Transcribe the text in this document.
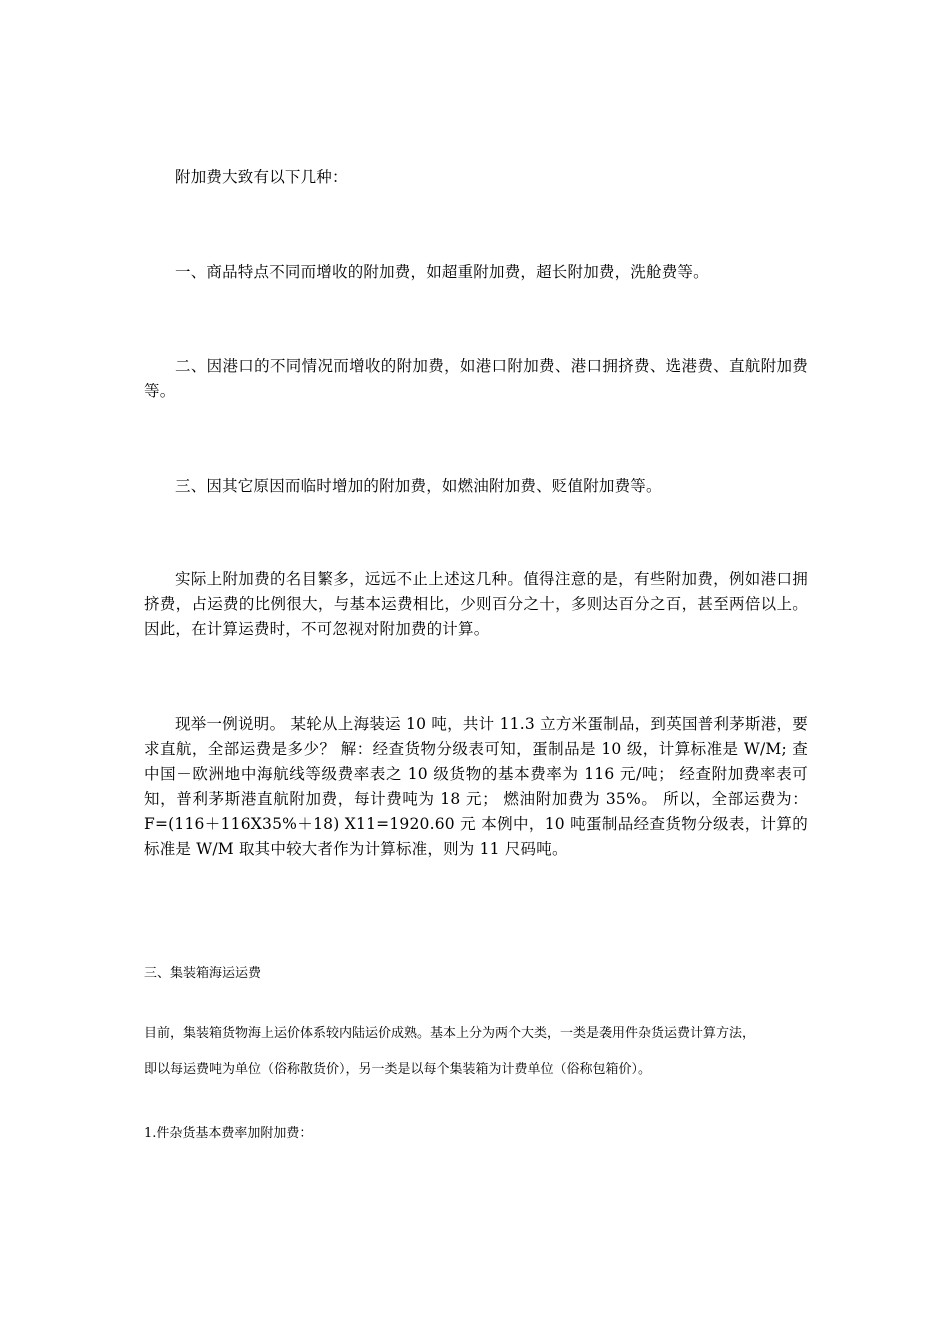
附加费大致有以下几种：

一、商品特点不同而增收的附加费，如超重附加费，超长附加费，洗舱费等。

二、因港口的不同情况而增收的附加费，如港口附加费、港口拥挤费、选港费、直航附加费等。

三、因其它原因而临时增加的附加费，如燃油附加费、贬值附加费等。

实际上附加费的名目繁多，远远不止上述这几种。值得注意的是，有些附加费，例如港口拥挤费，占运费的比例很大，与基本运费相比，少则百分之十，多则达百分之百，甚至两倍以上。因此，在计算运费时，不可忽视对附加费的计算。

现举一例说明。 某轮从上海装运 10 吨，共计 11.3 立方米蛋制品，到英国普利茅斯港，要求直航，全部运费是多少？ 解：经查货物分级表可知，蛋制品是 10 级，计算标准是 W/M; 查中国－欧洲地中海航线等级费率表之 10 级货物的基本费率为 116 元/吨； 经查附加费率表可知，普利茅斯港直航附加费，每计费吨为 18 元； 燃油附加费为 35%。 所以，全部运费为： F=(116＋116X35%＋18) X11=1920.60 元 本例中，10 吨蛋制品经查货物分级表，计算的标准是 W/M 取其中较大者作为计算标准，则为 11 尺码吨。

三、集装箱海运运费

目前，集装箱货物海上运价体系较内陆运价成熟。基本上分为两个大类，一类是袭用件杂货运费计算方法，

即以每运费吨为单位（俗称散货价），另一类是以每个集装箱为计费单位（俗称包箱价）。

1.件杂货基本费率加附加费：
